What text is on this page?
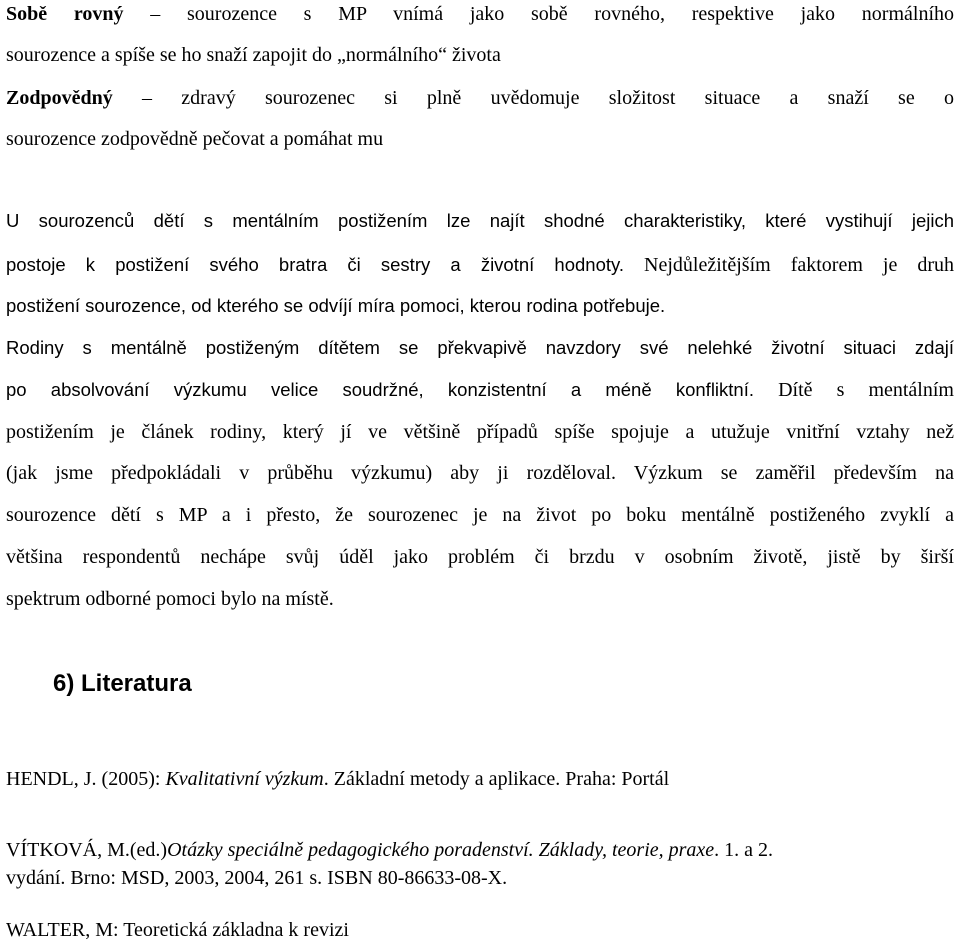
Sobě rovný – sourozence s MP vnímá jako sobě rovného, respektive jako normálního
sourozence a spíše se ho snaží zapojit do „normálního“ života
Zodpovědný – zdravý sourozenec si plně uvědomuje složitost situace a snaží se o
sourozence zodpovědně pečovat a pomáhat mu
U sourozenců dětí s mentálním postižením lze najít shodné charakteristiky, které vystihují jejich
postoje k postižení svého bratra či sestry a životní hodnoty. Nejdůležitějším faktorem je druh
postižení sourozence, od kterého se odvíjí míra pomoci, kterou rodina potřebuje.
Rodiny s mentálně postiženým dítětem se překvapivě navzdory své nelehké životní situaci zdají
po absolvování výzkumu velice soudržné, konzistentní a méně konfliktní. Dítě s mentálním
postižením je článek rodiny, který jí ve většině případů spíše spojuje a utužuje vnitřní vztahy než
(jak jsme předpokládali v průběhu výzkumu) aby ji rozděloval. Výzkum se zaměřil především na
sourozence dětí s MP a i přesto, že sourozenec je na život po boku mentálně postiženého zvyklí a
většina respondentů nechápe svůj úděl jako problém či brzdu v osobním životě, jistě by širší
spektrum odborné pomoci bylo na místě.
6) Literatura
HENDL, J. (2005): Kvalitativní výzkum. Základní metody a aplikace. Praha: Portál
VÍTKOVÁ, M.(ed.)Otázky speciálně pedagogického poradenství. Základy, teorie, praxe. 1. a 2.
vydání. Brno: MSD, 2003, 2004, 261 s. ISBN 80-86633-08-X.
WALTER, M: Teoretická základna k revizi
